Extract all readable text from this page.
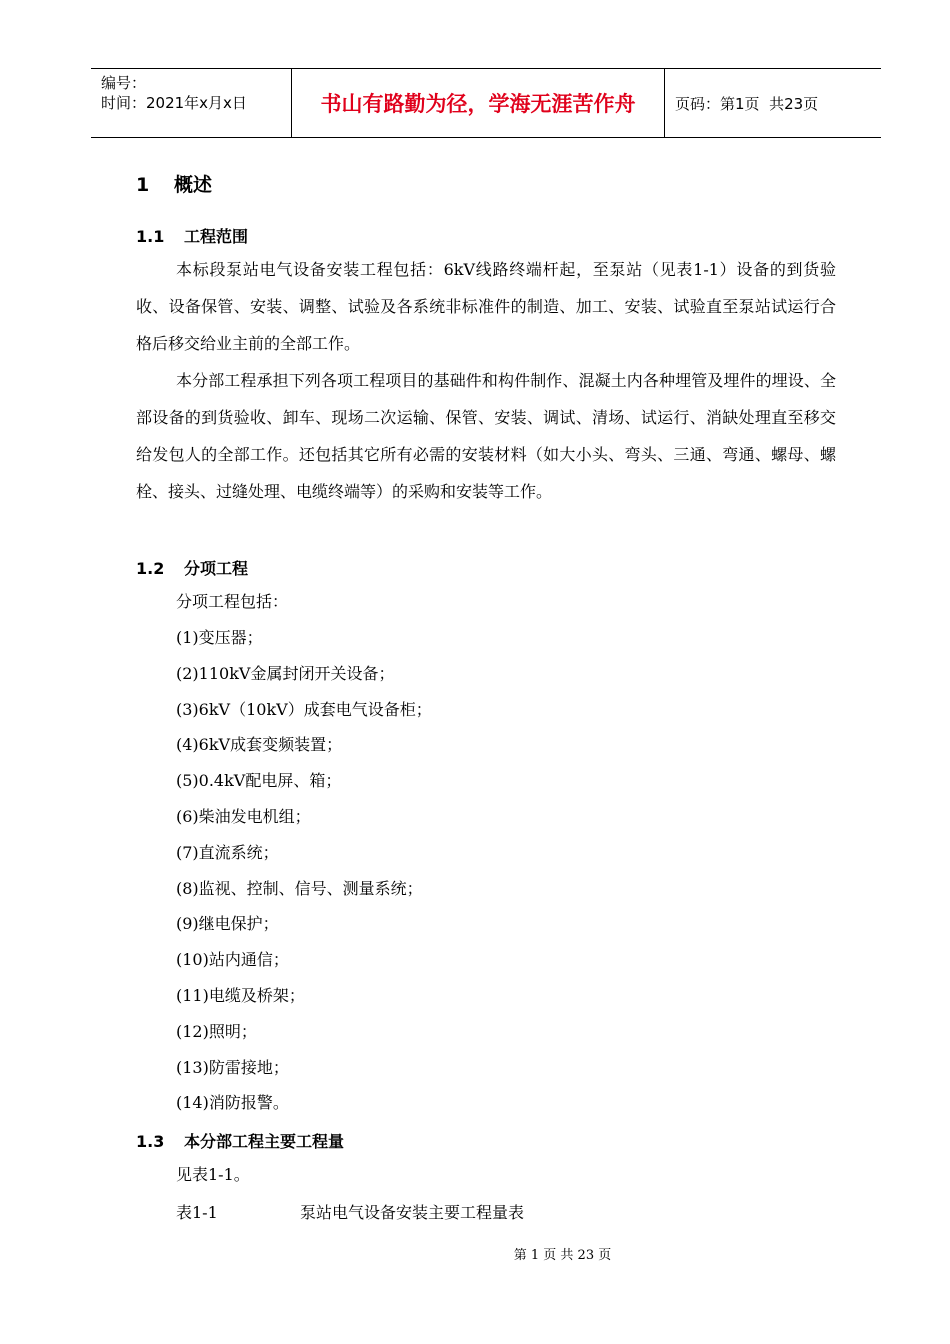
编号：
时间：2021年x月x日	书山有路勤为径，学海无涯苦作舟	页码：第1页  共23页
1 概述
1.1 工程范围
本标段泵站电气设备安装工程包括：6kV线路终端杆起，至泵站（见表1-1）设备的到货验收、设备保管、安装、调整、试验及各系统非标准件的制造、加工、安装、试验直至泵站试运行合格后移交给业主前的全部工作。
本分部工程承担下列各项工程项目的基础件和构件制作、混凝土内各种埋管及埋件的埋设、全部设备的到货验收、卸车、现场二次运输、保管、安装、调试、清场、试运行、消缺处理直至移交给发包人的全部工作。还包括其它所有必需的安装材料（如大小头、弯头、三通、弯通、螺母、螺栓、接头、过缝处理、电缆终端等）的采购和安装等工作。
1.2 分项工程
分项工程包括：
(1)变压器；
(2)110kV金属封闭开关设备；
(3)6kV（10kV）成套电气设备柜；
(4)6kV成套变频装置；
(5)0.4kV配电屏、箱；
(6)柴油发电机组；
(7)直流系统；
(8)监视、控制、信号、测量系统；
(9)继电保护；
(10)站内通信；
(11)电缆及桥架；
(12)照明；
(13)防雷接地；
(14)消防报警。
1.3 本分部工程主要工程量
见表1-1。
表1-1	泵站电气设备安装主要工程量表
第 1 页 共 23 页
